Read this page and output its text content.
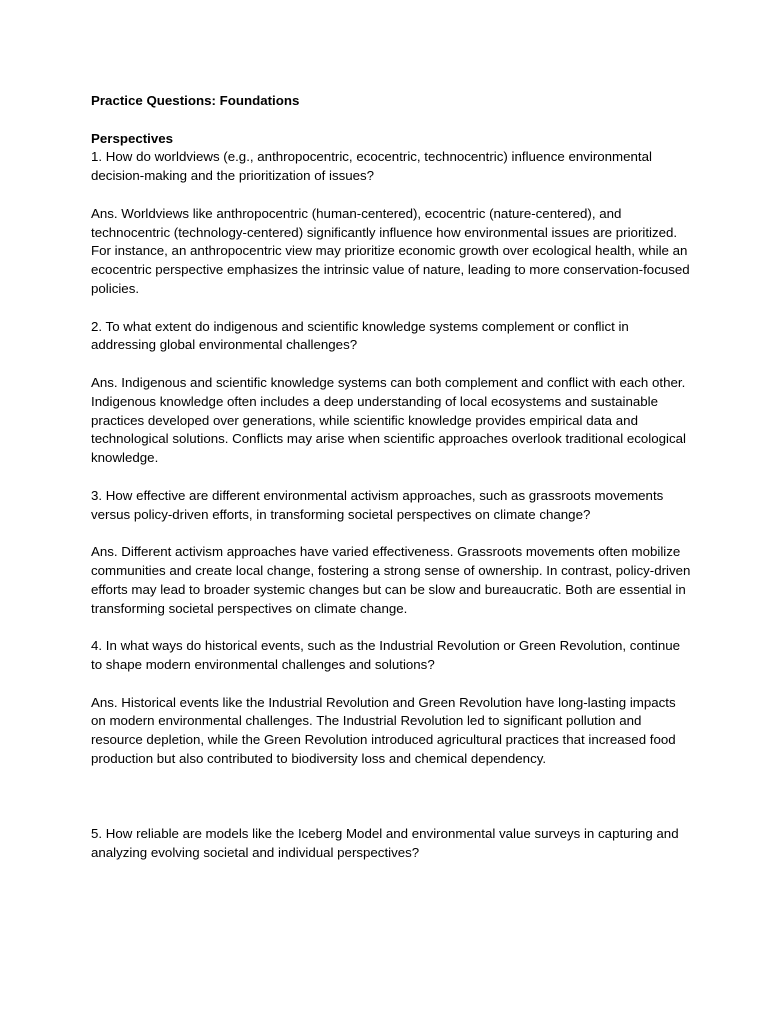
Practice Questions: Foundations
Perspectives

1. How do worldviews (e.g., anthropocentric, ecocentric, technocentric) influence environmental decision-making and the prioritization of issues?

Ans. Worldviews like anthropocentric (human-centered), ecocentric (nature-centered), and technocentric (technology-centered) significantly influence how environmental issues are prioritized. For instance, an anthropocentric view may prioritize economic growth over ecological health, while an ecocentric perspective emphasizes the intrinsic value of nature, leading to more conservation-focused policies.

2. To what extent do indigenous and scientific knowledge systems complement or conflict in addressing global environmental challenges?

Ans. Indigenous and scientific knowledge systems can both complement and conflict with each other. Indigenous knowledge often includes a deep understanding of local ecosystems and sustainable practices developed over generations, while scientific knowledge provides empirical data and technological solutions. Conflicts may arise when scientific approaches overlook traditional ecological knowledge.

3. How effective are different environmental activism approaches, such as grassroots movements versus policy-driven efforts, in transforming societal perspectives on climate change?

Ans. Different activism approaches have varied effectiveness. Grassroots movements often mobilize communities and create local change, fostering a strong sense of ownership. In contrast, policy-driven efforts may lead to broader systemic changes but can be slow and bureaucratic. Both are essential in transforming societal perspectives on climate change.

4. In what ways do historical events, such as the Industrial Revolution or Green Revolution, continue to shape modern environmental challenges and solutions?

Ans. Historical events like the Industrial Revolution and Green Revolution have long-lasting impacts on modern environmental challenges. The Industrial Revolution led to significant pollution and resource depletion, while the Green Revolution introduced agricultural practices that increased food production but also contributed to biodiversity loss and chemical dependency.

5. How reliable are models like the Iceberg Model and environmental value surveys in capturing and analyzing evolving societal and individual perspectives?
